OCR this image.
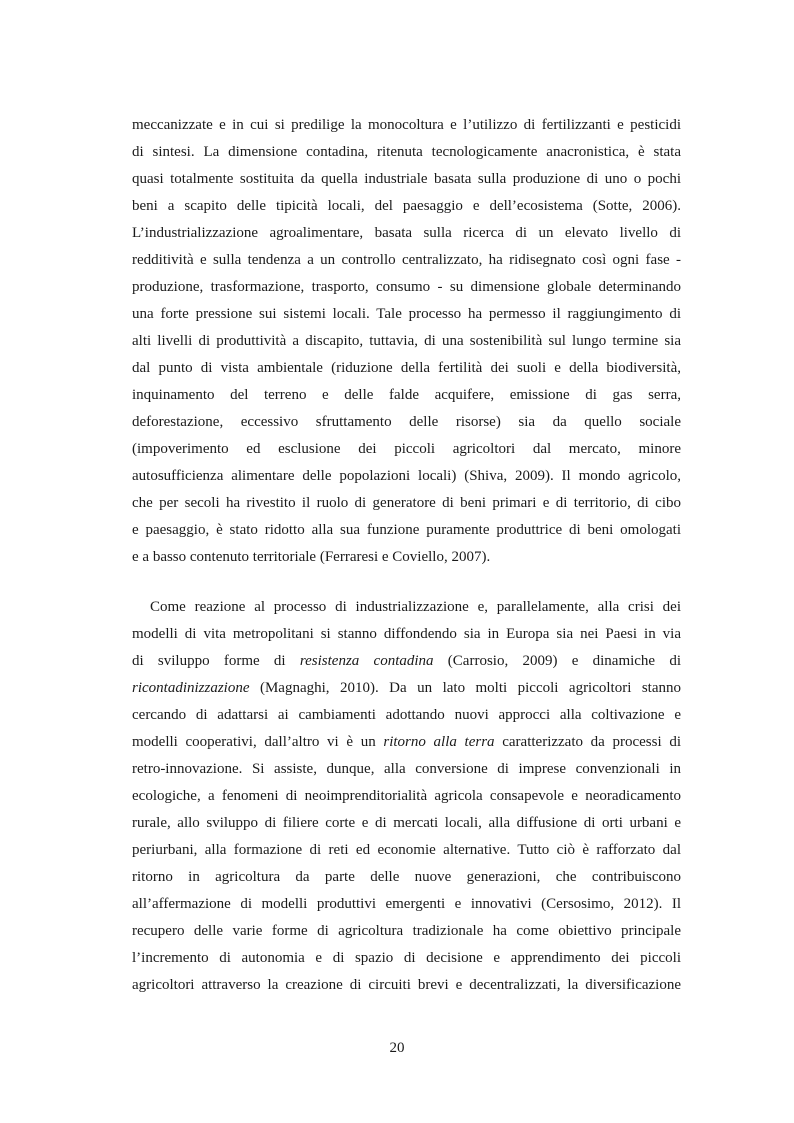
meccanizzate e in cui si predilige la monocoltura e l’utilizzo di fertilizzanti e pesticidi
di sintesi. La dimensione contadina, ritenuta tecnologicamente anacronistica, è stata
quasi totalmente sostituita da quella industriale basata sulla produzione di uno o pochi
beni a scapito delle tipicità locali, del paesaggio e dell’ecosistema (Sotte, 2006).
L’industrializzazione agroalimentare, basata sulla ricerca di un elevato livello di
redditività e sulla tendenza a un controllo centralizzato, ha ridisegnato così ogni fase -
produzione, trasformazione, trasporto, consumo - su dimensione globale determinando
una forte pressione sui sistemi locali. Tale processo ha permesso il raggiungimento di
alti livelli di produttività a discapito, tuttavia, di una sostenibilità sul lungo termine sia
dal punto di vista ambientale (riduzione della fertilità dei suoli e della biodiversità,
inquinamento del terreno e delle falde acquifere, emissione di gas serra,
deforestazione, eccessivo sfruttamento delle risorse) sia da quello sociale
(impoverimento ed esclusione dei piccoli agricoltori dal mercato, minore
autosufficienza alimentare delle popolazioni locali) (Shiva, 2009). Il mondo agricolo,
che per secoli ha rivestito il ruolo di generatore di beni primari e di territorio, di cibo
e paesaggio, è stato ridotto alla sua funzione puramente produttrice di beni omologati
e a basso contenuto territoriale (Ferraresi e Coviello, 2007).
Come reazione al processo di industrializzazione e, parallelamente, alla crisi dei
modelli di vita metropolitani si stanno diffondendo sia in Europa sia nei Paesi in via
di sviluppo forme di resistenza contadina (Carrosio, 2009) e dinamiche di
ricontadinizzazione (Magnaghi, 2010). Da un lato molti piccoli agricoltori stanno
cercando di adattarsi ai cambiamenti adottando nuovi approcci alla coltivazione e
modelli cooperativi, dall’altro vi è un ritorno alla terra caratterizzato da processi di
retro-innovazione. Si assiste, dunque, alla conversione di imprese convenzionali in
ecologiche, a fenomeni di neoimprenditorialità agricola consapevole e neoradicamento
rurale, allo sviluppo di filiere corte e di mercati locali, alla diffusione di orti urbani e
periurbani, alla formazione di reti ed economie alternative. Tutto ciò è rafforzato dal
ritorno in agricoltura da parte delle nuove generazioni, che contribuiscono
all’affermazione di modelli produttivi emergenti e innovativi (Cersosimo, 2012). Il
recupero delle varie forme di agricoltura tradizionale ha come obiettivo principale
l’incremento di autonomia e di spazio di decisione e apprendimento dei piccoli
agricoltori attraverso la creazione di circuiti brevi e decentralizzati, la diversificazione
20
